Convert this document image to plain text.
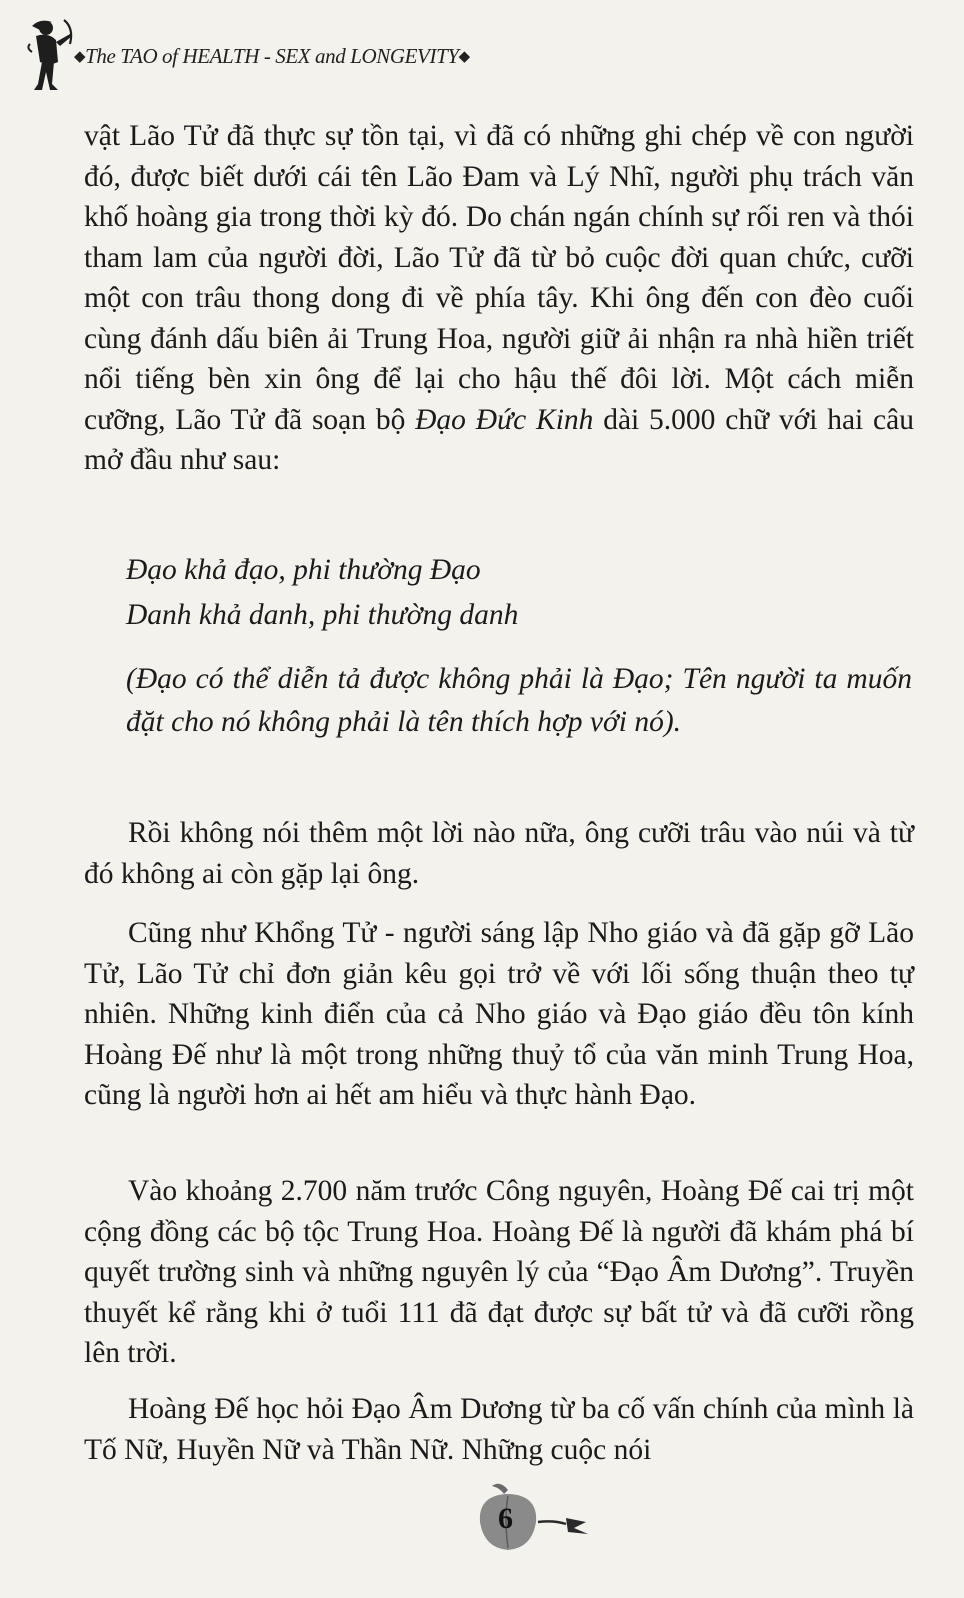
◆The TAO of HEALTH - SEX and LONGEVITY◆

vật Lão Tử đã thực sự tồn tại, vì đã có những ghi chép về con người đó, được biết dưới cái tên Lão Đam và Lý Nhĩ, người phụ trách văn khố hoàng gia trong thời kỳ đó. Do chán ngán chính sự rối ren và thói tham lam của người đời, Lão Tử đã từ bỏ cuộc đời quan chức, cưỡi một con trâu thong dong đi về phía tây. Khi ông đến con đèo cuối cùng đánh dấu biên ải Trung Hoa, người giữ ải nhận ra nhà hiền triết nổi tiếng bèn xin ông để lại cho hậu thế đôi lời. Một cách miễn cưỡng, Lão Tử đã soạn bộ Đạo Đức Kinh dài 5.000 chữ với hai câu mở đầu như sau:

Đạo khả đạo, phi thường Đạo
Danh khả danh, phi thường danh
(Đạo có thể diễn tả được không phải là Đạo; Tên người ta muốn đặt cho nó không phải là tên thích hợp với nó).

Rồi không nói thêm một lời nào nữa, ông cưỡi trâu vào núi và từ đó không ai còn gặp lại ông.

Cũng như Khổng Tử - người sáng lập Nho giáo và đã gặp gỡ Lão Tử, Lão Tử chỉ đơn giản kêu gọi trở về với lối sống thuận theo tự nhiên. Những kinh điển của cả Nho giáo và Đạo giáo đều tôn kính Hoàng Đế như là một trong những thuỷ tổ của văn minh Trung Hoa, cũng là người hơn ai hết am hiểu và thực hành Đạo.

Vào khoảng 2.700 năm trước Công nguyên, Hoàng Đế cai trị một cộng đồng các bộ tộc Trung Hoa. Hoàng Đế là người đã khám phá bí quyết trường sinh và những nguyên lý của “Đạo Âm Dương”. Truyền thuyết kể rằng khi ở tuổi 111 đã đạt được sự bất tử và đã cưỡi rồng lên trời.

Hoàng Đế học hỏi Đạo Âm Dương từ ba cố vấn chính của mình là Tố Nữ, Huyền Nữ và Thần Nữ. Những cuộc nói

6
